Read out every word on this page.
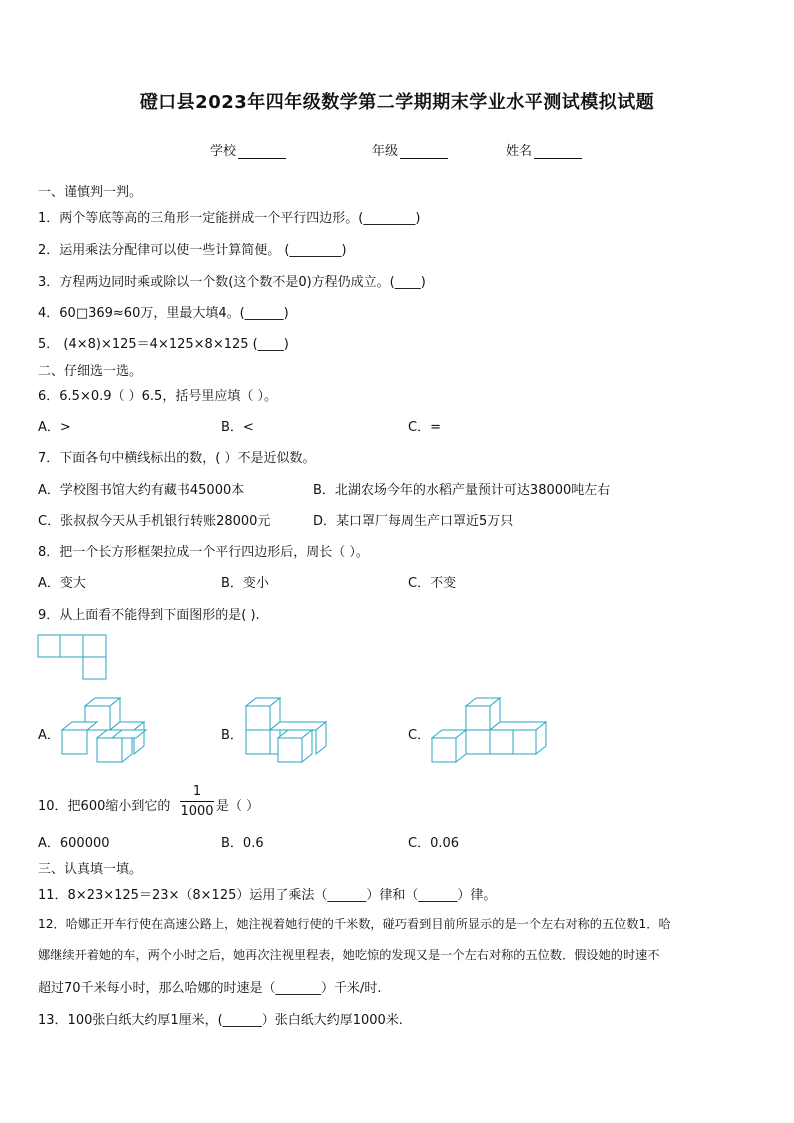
磴口县2023年四年级数学第二学期期末学业水平测试模拟试题
学校	年级	姓名
一、谨慎判一判。
1．两个等底等高的三角形一定能拼成一个平行四边形。(________)
2．运用乘法分配律可以使一些计算简便。 (________)
3．方程两边同时乘或除以一个数(这个数不是0)方程仍成立。(____)
4．60□369≈60万，里最大填4。(______)
5． (4×8)×125＝4×125×8×125 (____)
二、仔细选一选。
6．6.5×0.9（ ）6.5，括号里应填（ ）。
A．>	B．<	C．=
7．下面各句中横线标出的数，( ）不是近似数。
A．学校图书馆大约有藏书45000本	B．北湖农场今年的水稻产量预计可达38000吨左右
C．张叔叔今天从手机银行转账28000元	D．某口罩厂每周生产口罩近5万只
8．把一个长方形框架拉成一个平行四边形后，周长（ ）。
A．变大	B．变小	C．不变
9．从上面看不能得到下面图形的是( ).
A．	B．	C．
10．把600缩小到它的
1
1000 是（ ）
A．600000	B．0.6	C．0.06
三、认真填一填。
11．8×23×125＝23×（8×125）运用了乘法（______）律和（______）律。
12．哈娜正开车行使在高速公路上，她注视着她行使的千米数，碰巧看到目前所显示的是一个左右对称的五位数1．哈
娜继续开着她的车，两个小时之后，她再次注视里程表，她吃惊的发现又是一个左右对称的五位数．假设她的时速不
超过70千米每小时，那么哈娜的时速是（_______）千米/时.
13．100张白纸大约厚1厘米，(______）张白纸大约厚1000米.
